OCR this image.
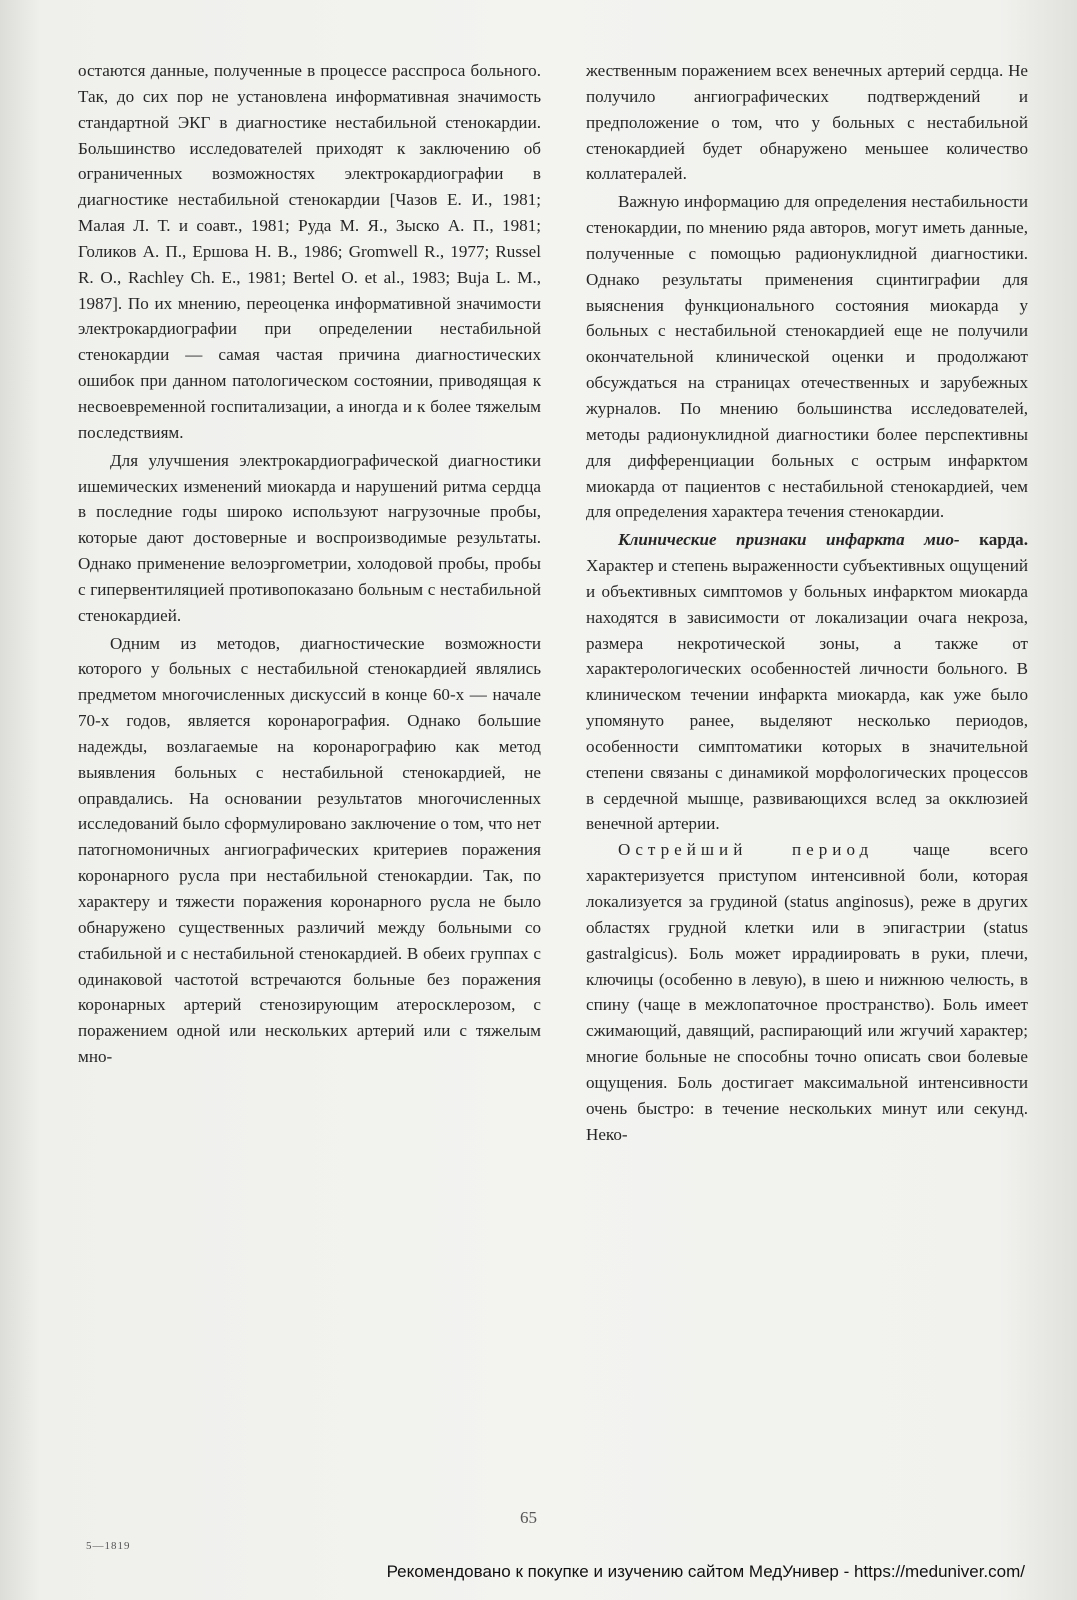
остаются данные, полученные в процессе расспроса больного. Так, до сих пор не установлена информативная значимость стандартной ЭКГ в диагностике нестабильной стенокардии. Большинство исследователей приходят к заключению об ограниченных возможностях электрокардиографии в диагностике нестабильной стенокардии [Чазов Е. И., 1981; Малая Л. Т. и соавт., 1981; Руда М. Я., Зыско А. П., 1981; Голиков А. П., Ершова Н. В., 1986; Gromwell R., 1977; Russel R. O., Rachley Ch. E., 1981; Bertel O. et al., 1983; Buja L. M., 1987]. По их мнению, переоценка информативной значимости электрокардиографии при определении нестабильной стенокардии — самая частая причина диагностических ошибок при данном патологическом состоянии, приводящая к несвоевременной госпитализации, а иногда и к более тяжелым последствиям.

Для улучшения электрокардиографической диагностики ишемических изменений миокарда и нарушений ритма сердца в последние годы широко используют нагрузочные пробы, которые дают достоверные и воспроизводимые результаты. Однако применение велоэргометрии, холодовой пробы, пробы с гипервентиляцией противопоказано больным с нестабильной стенокардией.

Одним из методов, диагностические возможности которого у больных с нестабильной стенокардией являлись предметом многочисленных дискуссий в конце 60-х — начале 70-х годов, является коронарография. Однако большие надежды, возлагаемые на коронарографию как метод выявления больных с нестабильной стенокардией, не оправдались. На основании результатов многочисленных исследований было сформулировано заключение о том, что нет патогномоничных ангиографических критериев поражения коронарного русла при нестабильной стенокардии. Так, по характеру и тяжести поражения коронарного русла не было обнаружено существенных различий между больными со стабильной и с нестабильной стенокардией. В обеих группах с одинаковой частотой встречаются больные без поражения коронарных артерий стенозирующим атеросклерозом, с поражением одной или нескольких артерий или с тяжелым мно-

жественным поражением всех венечных артерий сердца. Не получило ангиографических подтверждений и предположение о том, что у больных с нестабильной стенокардией будет обнаружено меньшее количество коллатералей.

Важную информацию для определения нестабильности стенокардии, по мнению ряда авторов, могут иметь данные, полученные с помощью радионуклидной диагностики. Однако результаты применения сцинтиграфии для выяснения функционального состояния миокарда у больных с нестабильной стенокардией еще не получили окончательной клинической оценки и продолжают обсуждаться на страницах отечественных и зарубежных журналов. По мнению большинства исследователей, методы радионуклидной диагностики более перспективны для дифференциации больных с острым инфарктом миокарда от пациентов с нестабильной стенокардией, чем для определения характера течения стенокардии.

Клинические признаки инфаркта мио- карда. Характер и степень выраженности субъективных ощущений и объективных симптомов у больных инфарктом миокарда находятся в зависимости от локализации очага некроза, размера некротической зоны, а также от характерологических особенностей личности больного. В клиническом течении инфаркта миокарда, как уже было упомянуто ранее, выделяют несколько периодов, особенности симптоматики которых в значительной степени связаны с динамикой морфологических процессов в сердечной мышце, развивающихся вслед за окклюзией венечной артерии.

Острейший период чаще всего характеризуется приступом интенсивной боли, которая локализуется за грудиной (status anginosus), реже в других областях грудной клетки или в эпигастрии (status gastralgicus). Боль может иррадиировать в руки, плечи, ключицы (особенно в левую), в шею и нижнюю челюсть, в спину (чаще в межлопаточное пространство). Боль имеет сжимающий, давящий, распирающий или жгучий характер; многие больные не способны точно описать свои болевые ощущения. Боль достигает максимальной интенсивности очень быстро: в течение нескольких минут или секунд. Неко-

65
5—1819
Рекомендовано к покупке и изучению сайтом МедУнивер - https://meduniver.com/
